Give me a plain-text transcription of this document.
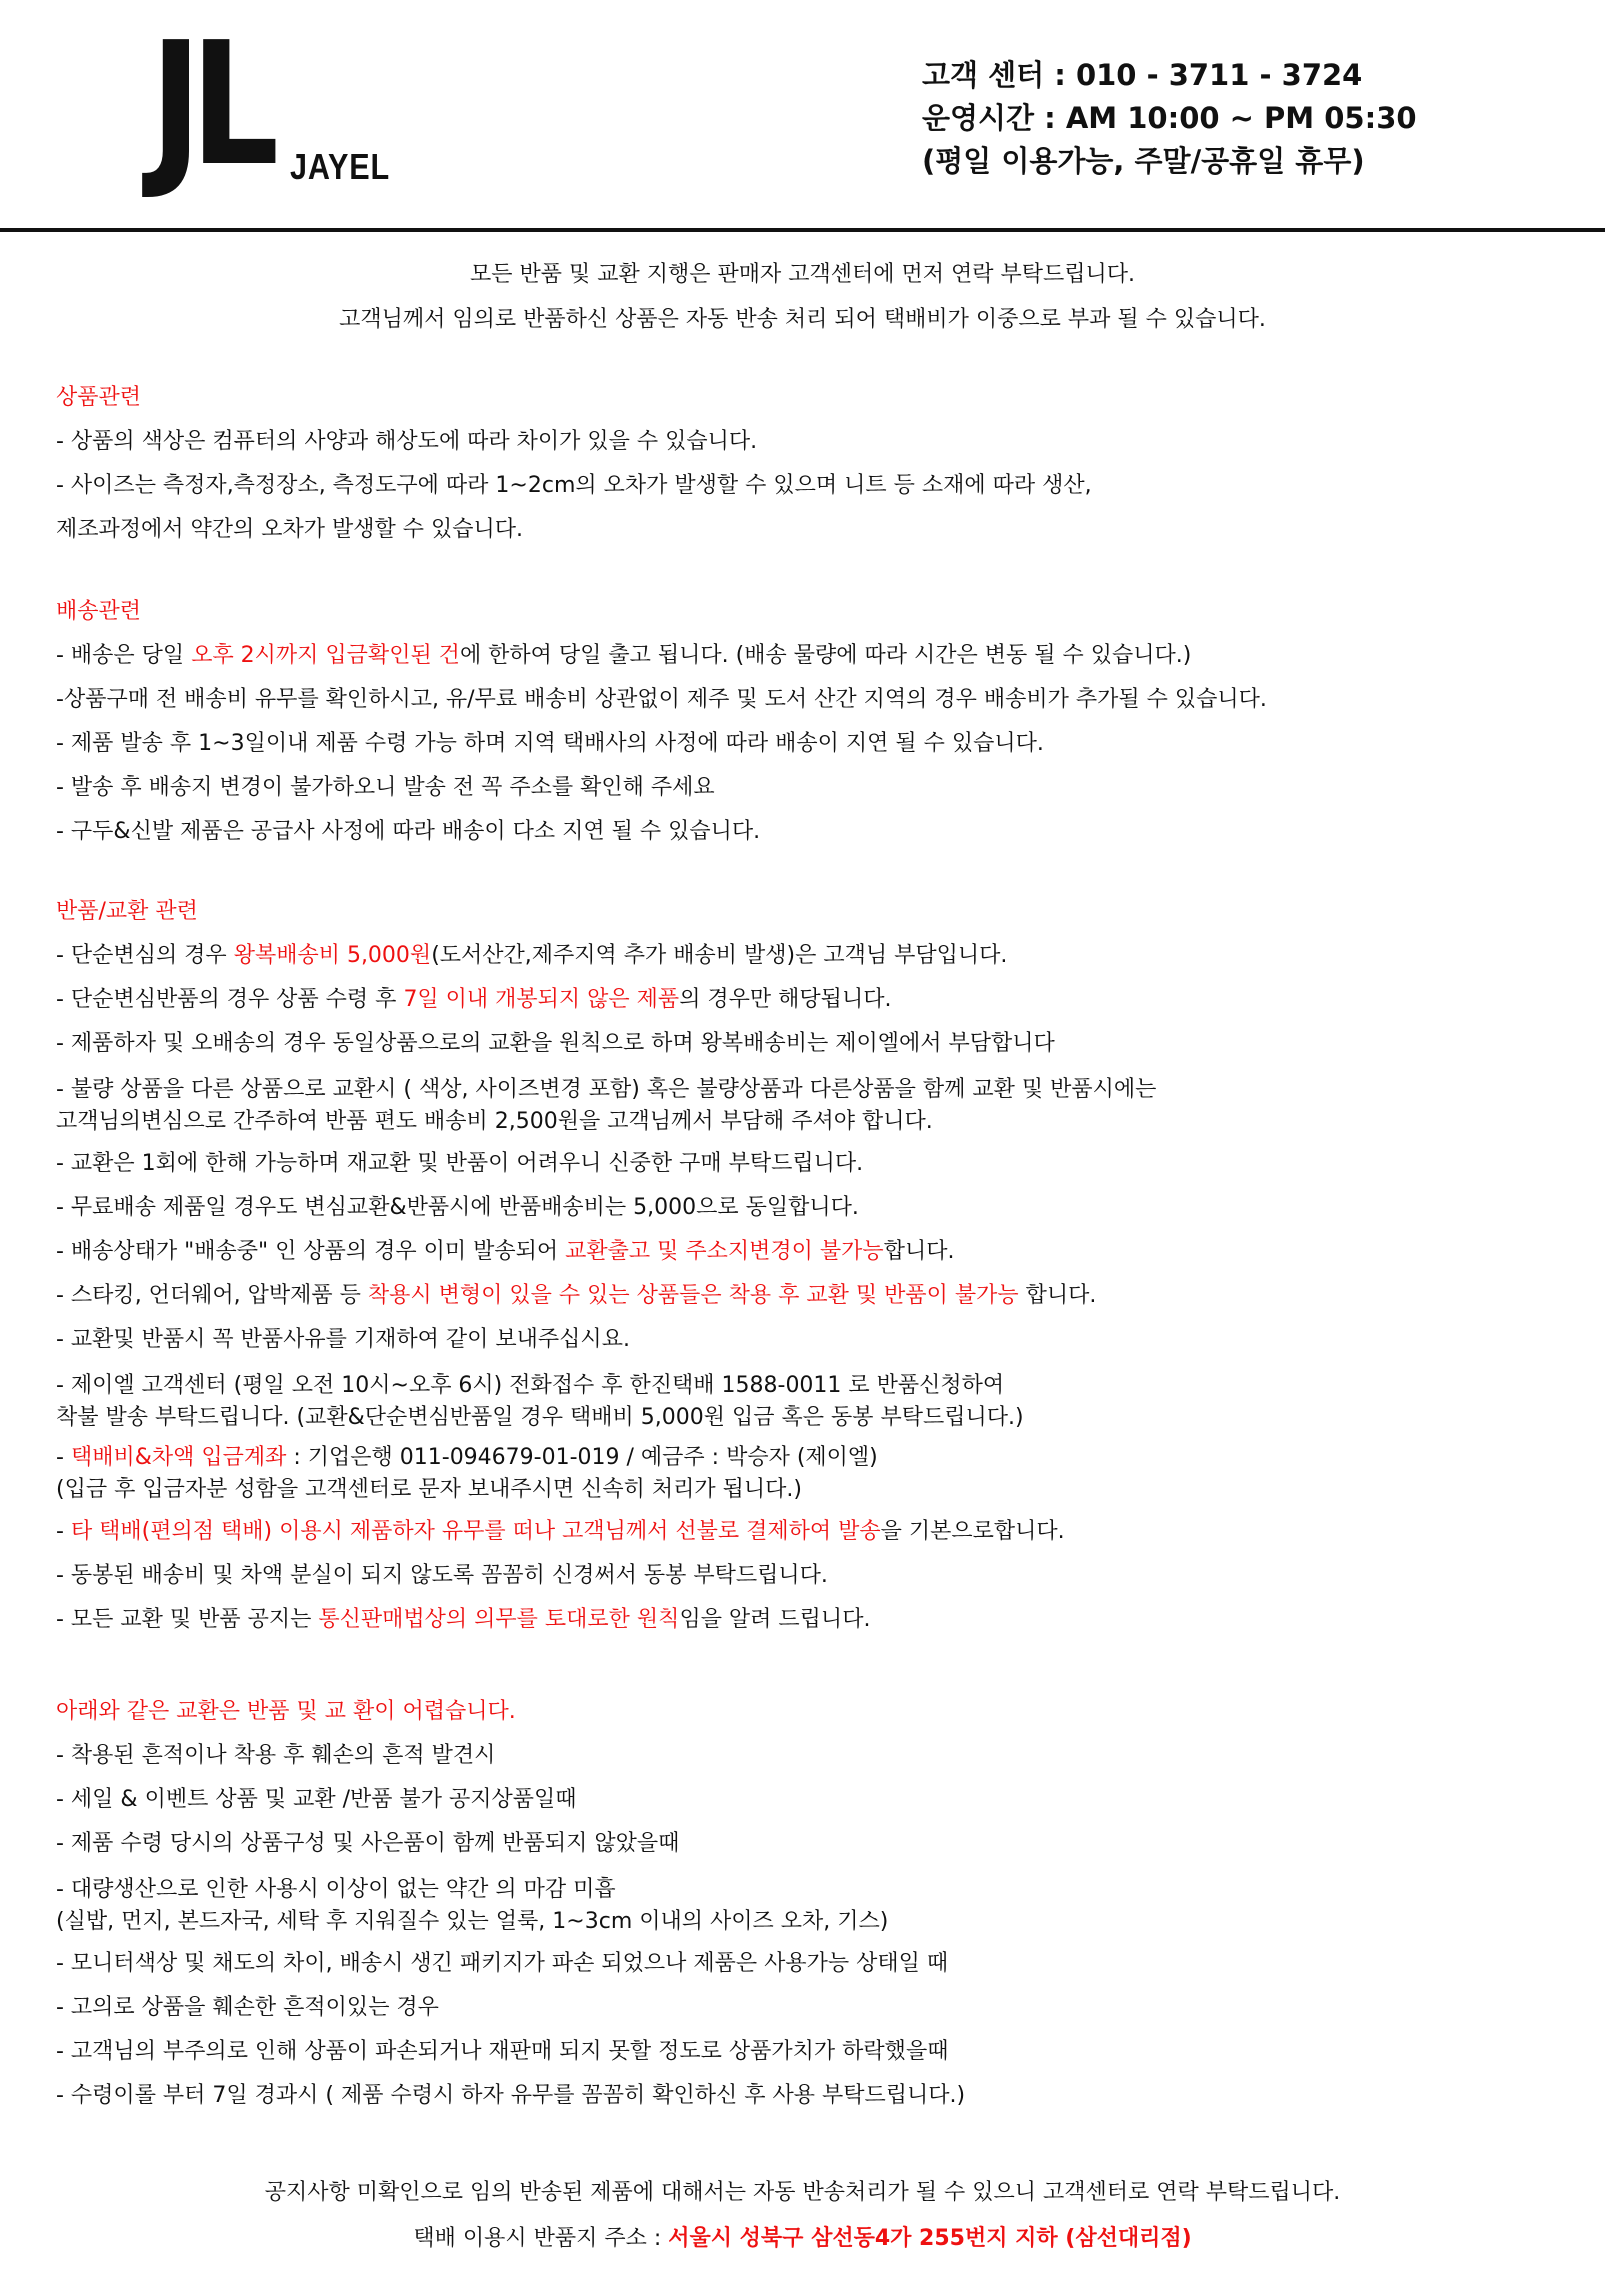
JL JAYEL
고객 센터 : 010 - 3711 - 3724
운영시간 : AM 10:00 ~ PM 05:30
(평일 이용가능, 주말/공휴일 휴무)
모든 반품 및 교환 지행은 판매자 고객센터에 먼저 연락 부탁드립니다.
고객님께서 임의로 반품하신 상품은 자동 반송 처리 되어 택배비가 이중으로 부과 될 수 있습니다.
상품관련
- 상품의 색상은 컴퓨터의 사양과 해상도에 따라 차이가 있을 수 있습니다.
- 사이즈는 측정자,측정장소, 측정도구에 따라 1~2cm의 오차가 발생할 수 있으며 니트 등 소재에 따라 생산,
제조과정에서 약간의 오차가 발생할 수 있습니다.
배송관련
- 배송은 당일 오후 2시까지 입금확인된 건에 한하여 당일 출고 됩니다. (배송 물량에 따라 시간은 변동 될 수 있습니다.)
-상품구매 전 배송비 유무를 확인하시고, 유/무료 배송비 상관없이 제주 및 도서 산간 지역의 경우 배송비가 추가될 수 있습니다.
- 제품 발송 후 1~3일이내 제품 수령 가능 하며 지역 택배사의 사정에 따라 배송이 지연 될 수 있습니다.
- 발송 후 배송지 변경이 불가하오니 발송 전 꼭 주소를 확인해 주세요
- 구두&신발 제품은 공급사 사정에 따라 배송이 다소 지연 될 수 있습니다.
반품/교환 관련
- 단순변심의 경우 왕복배송비 5,000원(도서산간,제주지역 추가 배송비 발생)은 고객님 부담입니다.
- 단순변심반품의 경우 상품 수령 후 7일 이내 개봉되지 않은 제품의 경우만 해당됩니다.
- 제품하자 및 오배송의 경우 동일상품으로의 교환을 원칙으로 하며 왕복배송비는 제이엘에서 부담합니다
- 불량 상품을 다른 상품으로 교환시 ( 색상, 사이즈변경 포함) 혹은 불량상품과 다른상품을 함께 교환 및 반품시에는
고객님의변심으로 간주하여 반품 편도 배송비 2,500원을 고객님께서 부담해 주셔야 합니다.
- 교환은 1회에 한해 가능하며 재교환 및 반품이 어려우니 신중한 구매 부탁드립니다.
- 무료배송 제품일 경우도 변심교환&반품시에 반품배송비는 5,000으로 동일합니다.
- 배송상태가 "배송중" 인 상품의 경우 이미 발송되어 교환출고 및 주소지변경이 불가능합니다.
- 스타킹, 언더웨어, 압박제품 등 착용시 변형이 있을 수 있는 상품들은 착용 후 교환 및 반품이 불가능 합니다.
- 교환및 반품시 꼭 반품사유를 기재하여 같이 보내주십시요.
- 제이엘 고객센터 (평일 오전 10시~오후 6시) 전화접수 후 한진택배 1588-0011 로 반품신청하여
착불 발송 부탁드립니다. (교환&단순변심반품일 경우 택배비 5,000원 입금 혹은 동봉 부탁드립니다.)
- 택배비&차액 입금계좌 : 기업은행 011-094679-01-019 / 예금주 : 박승자 (제이엘)
(입금 후 입금자분 성함을 고객센터로 문자 보내주시면 신속히 처리가 됩니다.)
- 타 택배(편의점 택배) 이용시 제품하자 유무를 떠나 고객님께서 선불로 결제하여 발송을 기본으로합니다.
- 동봉된 배송비 및 차액 분실이 되지 않도록 꼼꼼히 신경써서 동봉 부탁드립니다.
- 모든 교환 및 반품 공지는 통신판매법상의 의무를 토대로한 원칙임을 알려 드립니다.
아래와 같은 교환은 반품 및 교 환이 어렵습니다.
- 착용된 흔적이나 착용 후 훼손의 흔적 발견시
- 세일 & 이벤트 상품 및 교환 /반품 불가 공지상품일때
- 제품 수령 당시의 상품구성 및 사은품이 함께 반품되지 않았을때
- 대량생산으로 인한 사용시 이상이 없는 약간 의 마감 미흡
(실밥, 먼지, 본드자국, 세탁 후 지워질수 있는 얼룩, 1~3cm 이내의 사이즈 오차, 기스)
- 모니터색상 및 채도의 차이, 배송시 생긴 패키지가 파손 되었으나 제품은 사용가능 상태일 때
- 고의로 상품을 훼손한 흔적이있는 경우
- 고객님의 부주의로 인해 상품이 파손되거나 재판매 되지 못할 정도로 상품가치가 하락했을때
- 수령이롤 부터 7일 경과시 ( 제품 수령시 하자 유무를 꼼꼼히 확인하신 후 사용 부탁드립니다.)
공지사항 미확인으로 임의 반송된 제품에 대해서는 자동 반송처리가 될 수 있으니 고객센터로 연락 부탁드립니다.
택배 이용시 반품지 주소 : 서울시 성북구 삼선동4가 255번지 지하 (삼선대리점)
